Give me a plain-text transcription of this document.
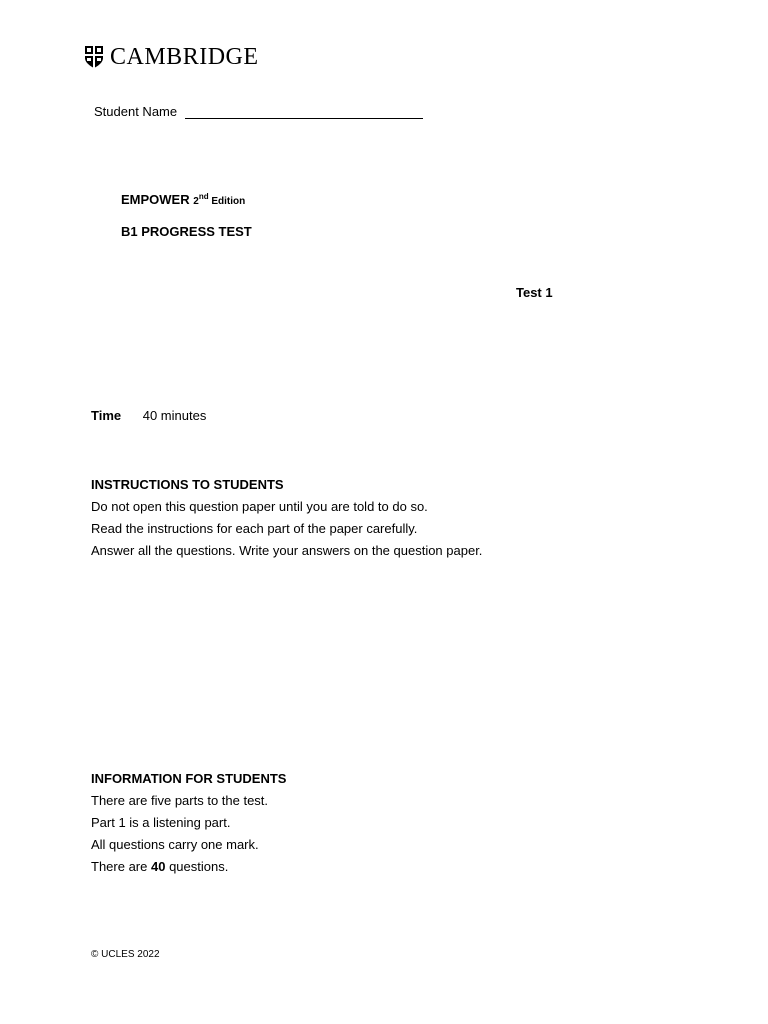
CAMBRIDGE
Student Name
EMPOWER 2nd Edition
B1 PROGRESS TEST
Test 1
Time 40 minutes
INSTRUCTIONS TO STUDENTS

Do not open this question paper until you are told to do so.

Read the instructions for each part of the paper carefully.

Answer all the questions. Write your answers on the question paper.

INFORMATION FOR STUDENTS

There are five parts to the test.

Part 1 is a listening part.

All questions carry one mark.

There are 40 questions.

© UCLES 2022
